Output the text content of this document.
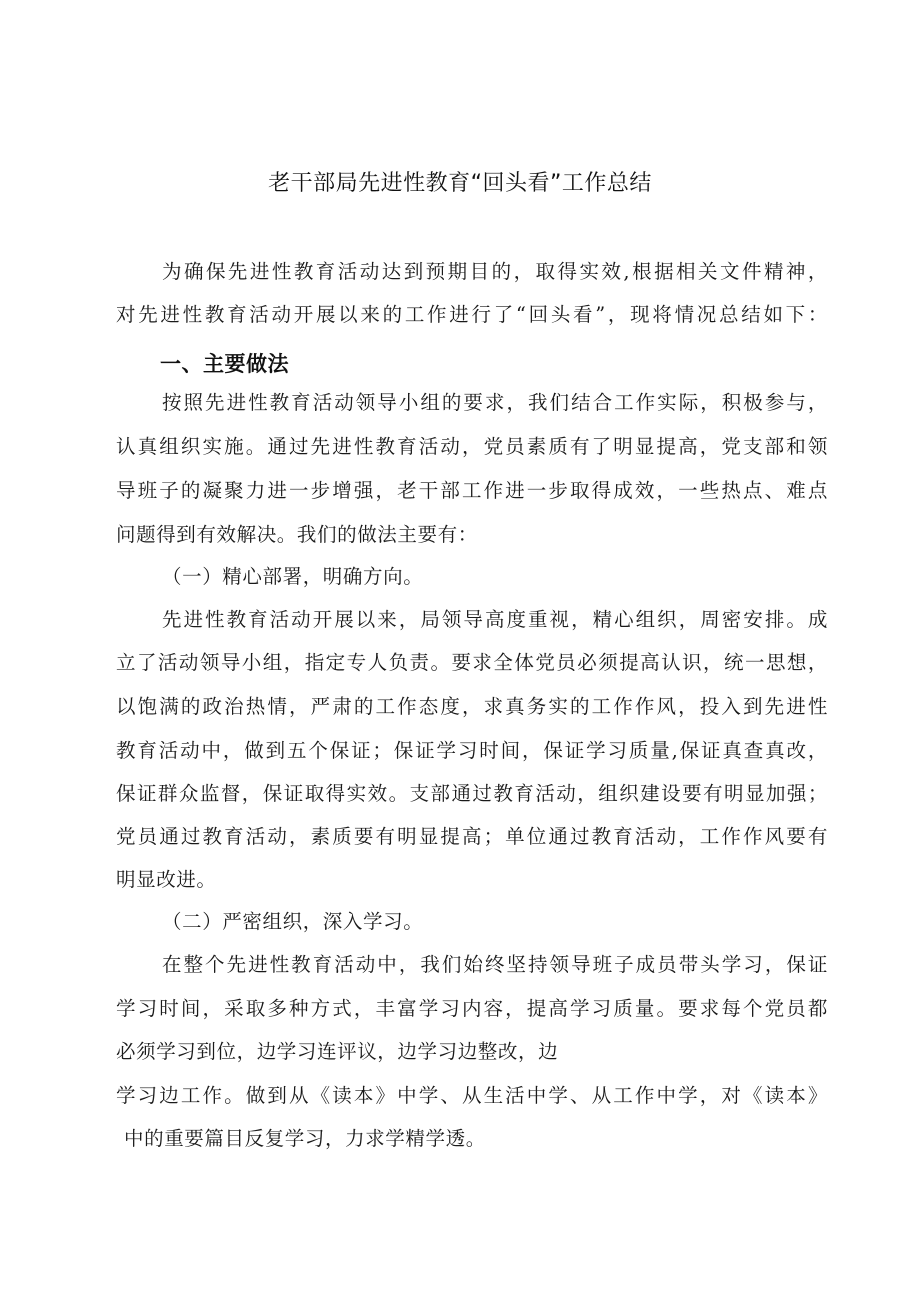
老干部局先进性教育“回头看”工作总结
为确保先进性教育活动达到预期目的，取得实效,根据相关文件精神，
对先进性教育活动开展以来的工作进行了“回头看”，现将情况总结如下：
一、主要做法
按照先进性教育活动领导小组的要求，我们结合工作实际，积极参与，
认真组织实施。通过先进性教育活动，党员素质有了明显提高，党支部和领
导班子的凝聚力进一步增强，老干部工作进一步取得成效，一些热点、难点
问题得到有效解决。我们的做法主要有：
（一）精心部署，明确方向。
先进性教育活动开展以来，局领导高度重视，精心组织，周密安排。成
立了活动领导小组，指定专人负责。要求全体党员必须提高认识，统一思想，
以饱满的政治热情，严肃的工作态度，求真务实的工作作风，投入到先进性
教育活动中，做到五个保证；保证学习时间，保证学习质量,保证真查真改，
保证群众监督，保证取得实效。支部通过教育活动，组织建设要有明显加强；
党员通过教育活动，素质要有明显提高；单位通过教育活动，工作作风要有
明显改进。
（二）严密组织，深入学习。
在整个先进性教育活动中，我们始终坚持领导班子成员带头学习，保证
学习时间，采取多种方式，丰富学习内容，提高学习质量。要求每个党员都
必须学习到位，边学习连评议，边学习边整改，边
学习边工作。做到从《读本》中学、从生活中学、从工作中学，对《读本》
中的重要篇目反复学习，力求学精学透。
